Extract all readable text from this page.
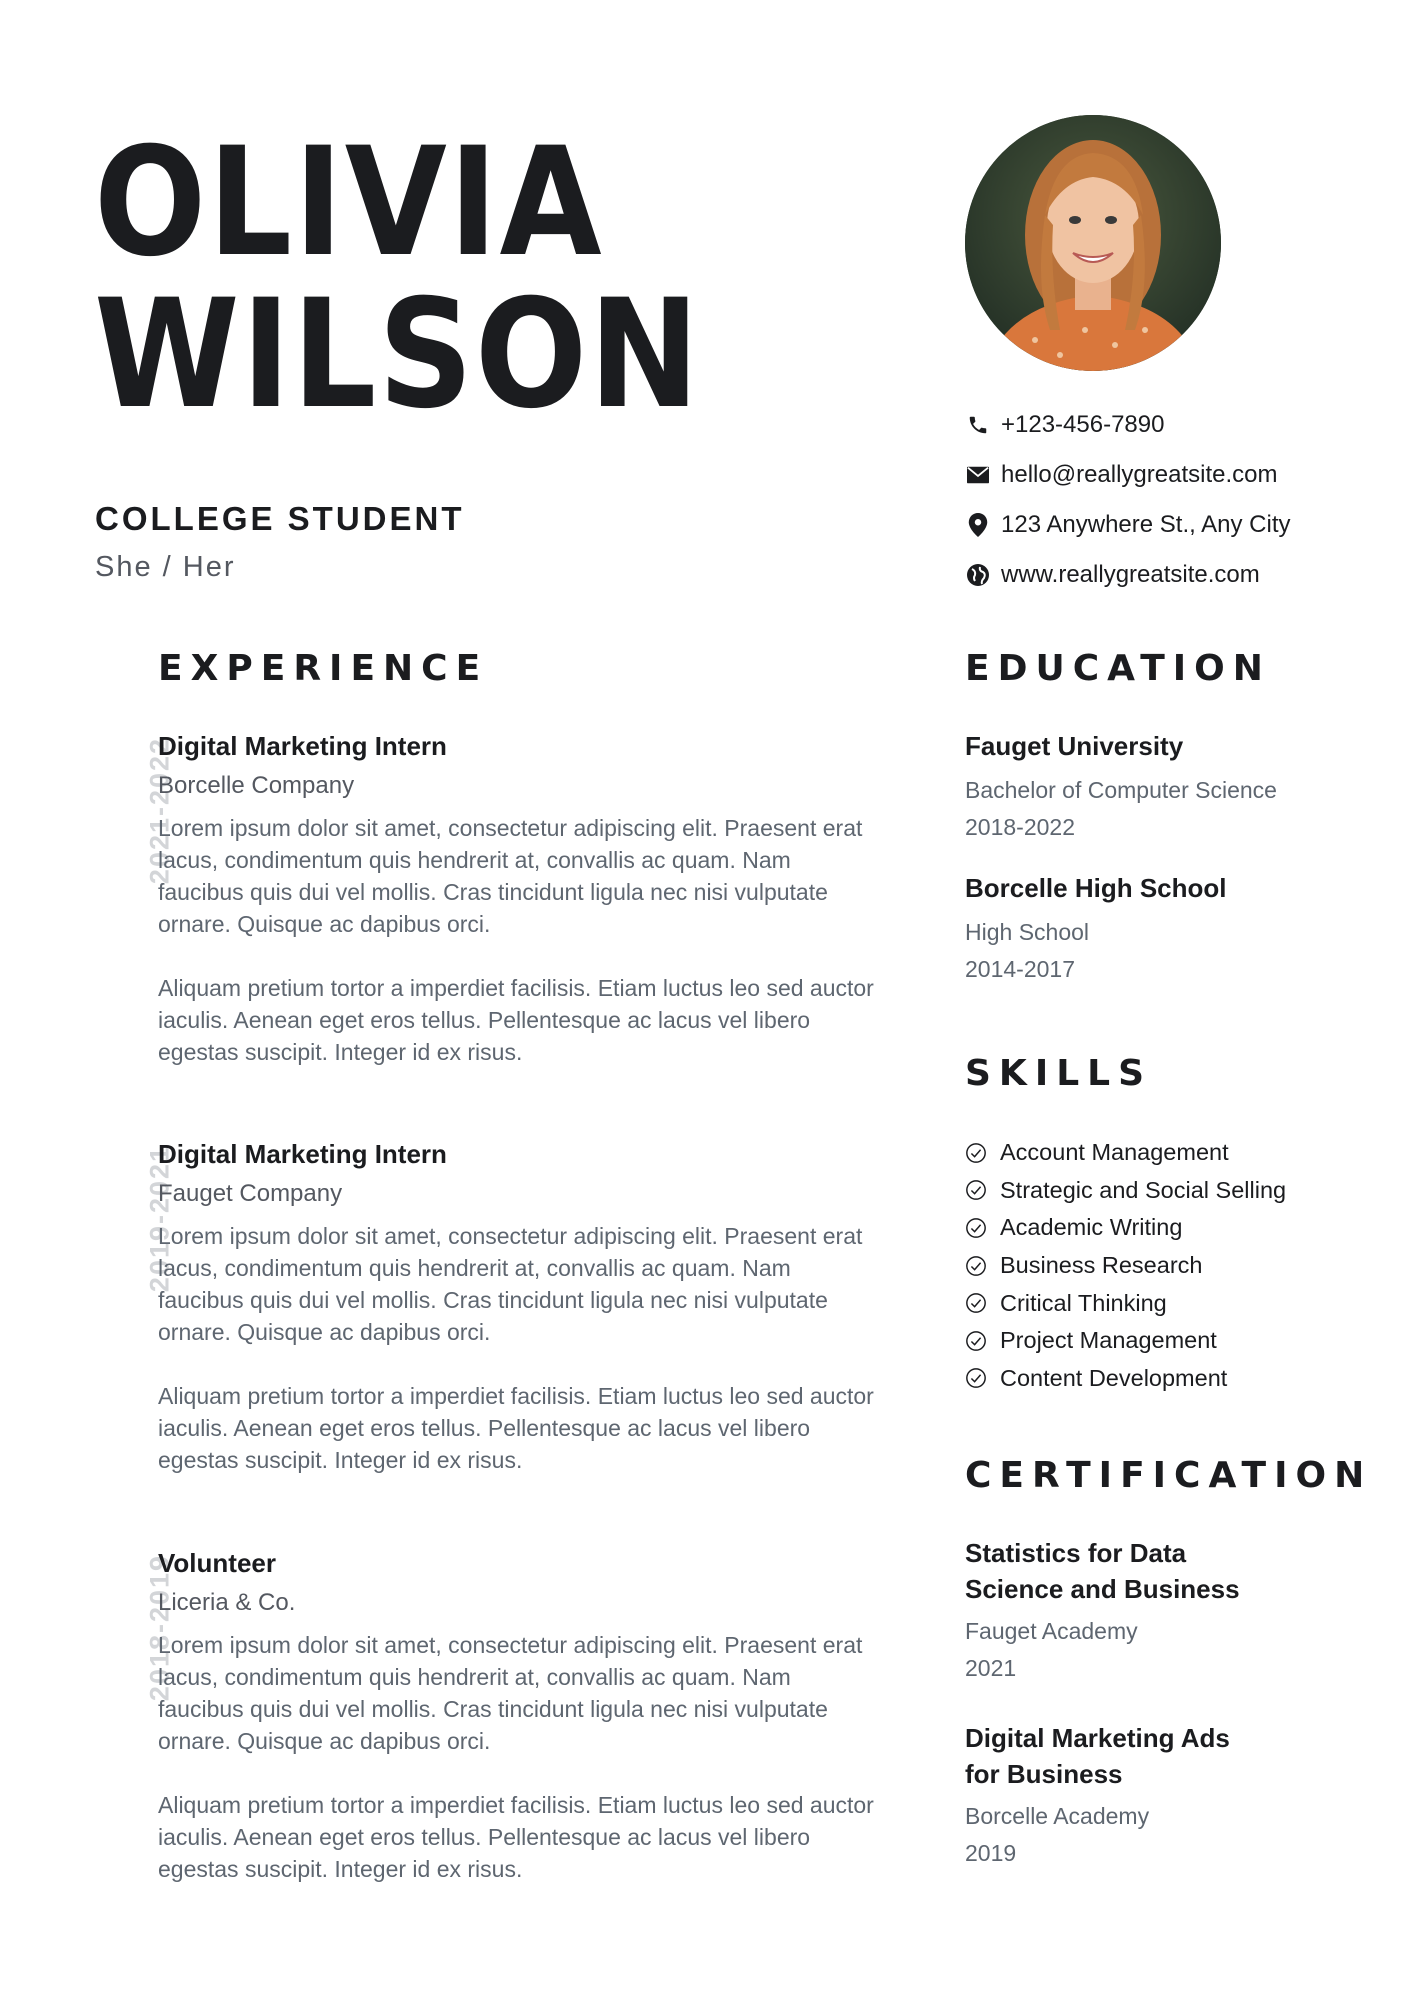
OLIVIA
WILSON
COLLEGE STUDENT
She / Her
+123-456-7890
hello@reallygreatsite.com
123 Anywhere St., Any City
www.reallygreatsite.com
EXPERIENCE
2021-2022
Digital Marketing Intern
Borcelle Company

Lorem ipsum dolor sit amet, consectetur adipiscing elit. Praesent erat lacus, condimentum quis hendrerit at, convallis ac quam. Nam faucibus quis dui vel mollis. Cras tincidunt ligula nec nisi vulputate ornare. Quisque ac dapibus orci.

Aliquam pretium tortor a imperdiet facilisis. Etiam luctus leo sed auctor iaculis. Aenean eget eros tellus. Pellentesque ac lacus vel libero egestas suscipit. Integer id ex risus.

2019-2021
Digital Marketing Intern
Fauget Company

Lorem ipsum dolor sit amet, consectetur adipiscing elit. Praesent erat lacus, condimentum quis hendrerit at, convallis ac quam. Nam faucibus quis dui vel mollis. Cras tincidunt ligula nec nisi vulputate ornare. Quisque ac dapibus orci.

Aliquam pretium tortor a imperdiet facilisis. Etiam luctus leo sed auctor iaculis. Aenean eget eros tellus. Pellentesque ac lacus vel libero egestas suscipit. Integer id ex risus.

2018-2019
Volunteer
Liceria & Co.

Lorem ipsum dolor sit amet, consectetur adipiscing elit. Praesent erat lacus, condimentum quis hendrerit at, convallis ac quam. Nam faucibus quis dui vel mollis. Cras tincidunt ligula nec nisi vulputate ornare. Quisque ac dapibus orci.

Aliquam pretium tortor a imperdiet facilisis. Etiam luctus leo sed auctor iaculis. Aenean eget eros tellus. Pellentesque ac lacus vel libero egestas suscipit. Integer id ex risus.

EDUCATION
Fauget University
Bachelor of Computer Science
2018-2022
Borcelle High School
High School
2014-2017
SKILLS
Account Management
Strategic and Social Selling
Academic Writing
Business Research
Critical Thinking
Project Management
Content Development
CERTIFICATION
Statistics for Data
Science and Business
Fauget Academy
2021
Digital Marketing Ads
for Business
Borcelle Academy
2019
